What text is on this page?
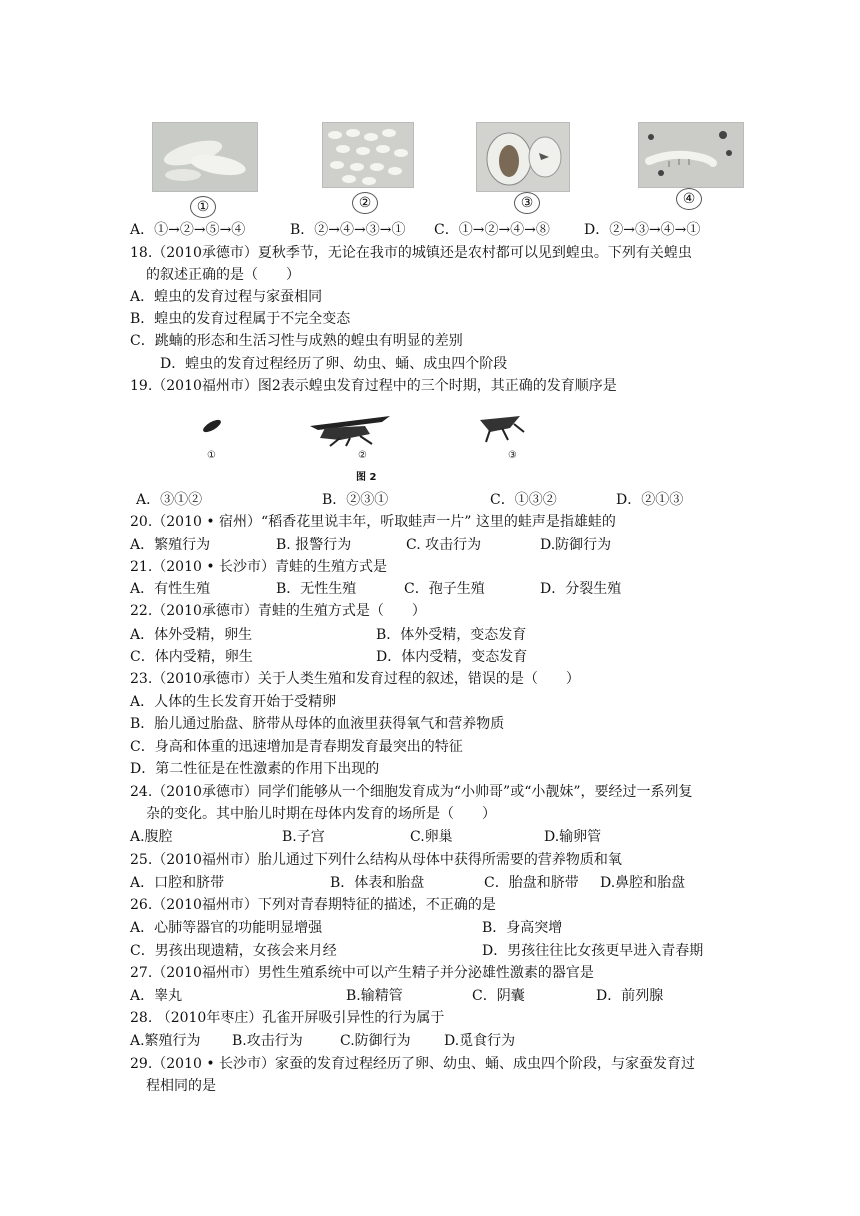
①	②	③	④
A．①→②→⑤→④	B．②→④→③→① C．①→②→④→⑧ D．②→③→④→①
18.（2010承德市）夏秋季节，无论在我市的城镇还是农村都可以见到蝗虫。下列有关蝗虫
的叙述正确的是（　　）
A．蝗虫的发育过程与家蚕相同
B．蝗虫的发育过程属于不完全变态
C．跳蝻的形态和生活习性与成熟的蝗虫有明显的差别
D．蝗虫的发育过程经历了卵、幼虫、蛹、成虫四个阶段
19.（2010福州市）图2表示蝗虫发育过程中的三个时期，其正确的发育顺序是
①	②	③
图 2
A．③①②	B．②③①	C．①③②	D．②①③
20.（2010 • 宿州）“稻香花里说丰年，听取蛙声一片” 这里的蛙声是指雄蛙的
A．繁殖行为	B. 报警行为	C. 攻击行为	D.防御行为
21.（2010 • 长沙市）青蛙的生殖方式是
A．有性生殖	B．无性生殖	C．孢子生殖	D．分裂生殖
22.（2010承德市）青蛙的生殖方式是（　　）
A．体外受精，卵生	B．体外受精，变态发育
C．体内受精，卵生	D．体内受精，变态发育
23.（2010承德市）关于人类生殖和发育过程的叙述，错误的是（　　）
A．人体的生长发育开始于受精卵
B．胎儿通过胎盘、脐带从母体的血液里获得氧气和营养物质
C．身高和体重的迅速增加是青春期发育最突出的特征
D．第二性征是在性激素的作用下出现的
24.（2010承德市）同学们能够从一个细胞发育成为“小帅哥”或“小靓妹”，要经过一系列复
杂的变化。其中胎儿时期在母体内发育的场所是（　　）
A.腹腔	B.子宫	C.卵巢	D.输卵管
25.（2010福州市）胎儿通过下列什么结构从母体中获得所需要的营养物质和氧
A．口腔和脐带	B．体表和胎盘	C．胎盘和脐带 D.鼻腔和胎盘
26.（2010福州市）下列对青春期特征的描述，不正确的是
A．心肺等器官的功能明显增强	B．身高突增
C．男孩出现遗精，女孩会来月经	D．男孩往往比女孩更早进入青春期
27.（2010福州市）男性生殖系统中可以产生精子并分泌雄性激素的器官是
A．睾丸	B.输精管	C．阴囊	D．前列腺
28. （2010年枣庄）孔雀开屏吸引异性的行为属于
A.繁殖行为 B.攻击行为	C.防御行为 D.觅食行为
29.（2010 • 长沙市）家蚕的发育过程经历了卵、幼虫、蛹、成虫四个阶段，与家蚕发育过
程相同的是
